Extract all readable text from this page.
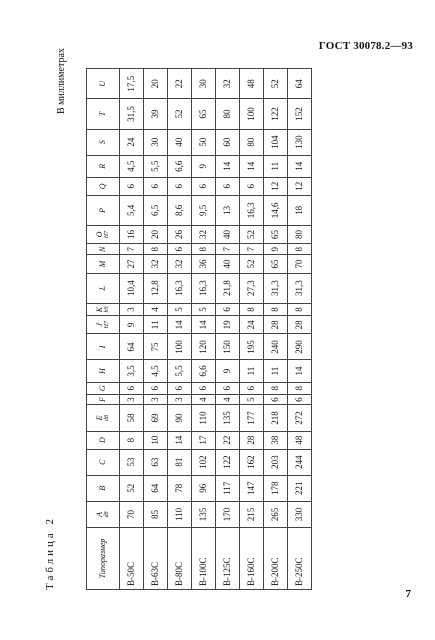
ГОСТ 30078.2—93
В миллиметрах
Таблица 2	Типоразмер	A d8	B	C	D	E d8	F	G	H	I	J H7	K h9	L	M	N	O H7	P	Q	R	S	T	U
B-50C	70	52	53	8	58	3	6	3,5	64	9	3	10,4	27	7	16	5,4	6	4,5	24	31,5	17,5
B-63C	85	64	63	10	69	3	6	4,5	75	11	4	12,8	32	8	20	6,5	6	5,5	30	39	20
B-80C	110	78	81	14	90	3	6	5,5	100	14	5	16,3	32	6	26	8,6	6	6,6	40	52	22
B-100C	135	96	102	17	110	4	6	6,6	120	14	5	16,3	36	8	32	9,5	6	9	50	65	30
B-125C	170	117	122	22	135	4	6	9	150	19	6	21,8	40	7	40	13	6	14	60	80	32
B-160C	215	147	162	28	177	5	6	11	195	24	8	27,3	52	7	52	16,3	6	14	80	100	48
B-200C	265	178	203	38	218	6	8	11	240	28	8	31,3	65	9	65	14,6	12	11	104	122	52
B-250C	330	221	244	48	272	6	8	14	290	28	8	31,3	70	8	80	18	12	14	130	152	64
7
